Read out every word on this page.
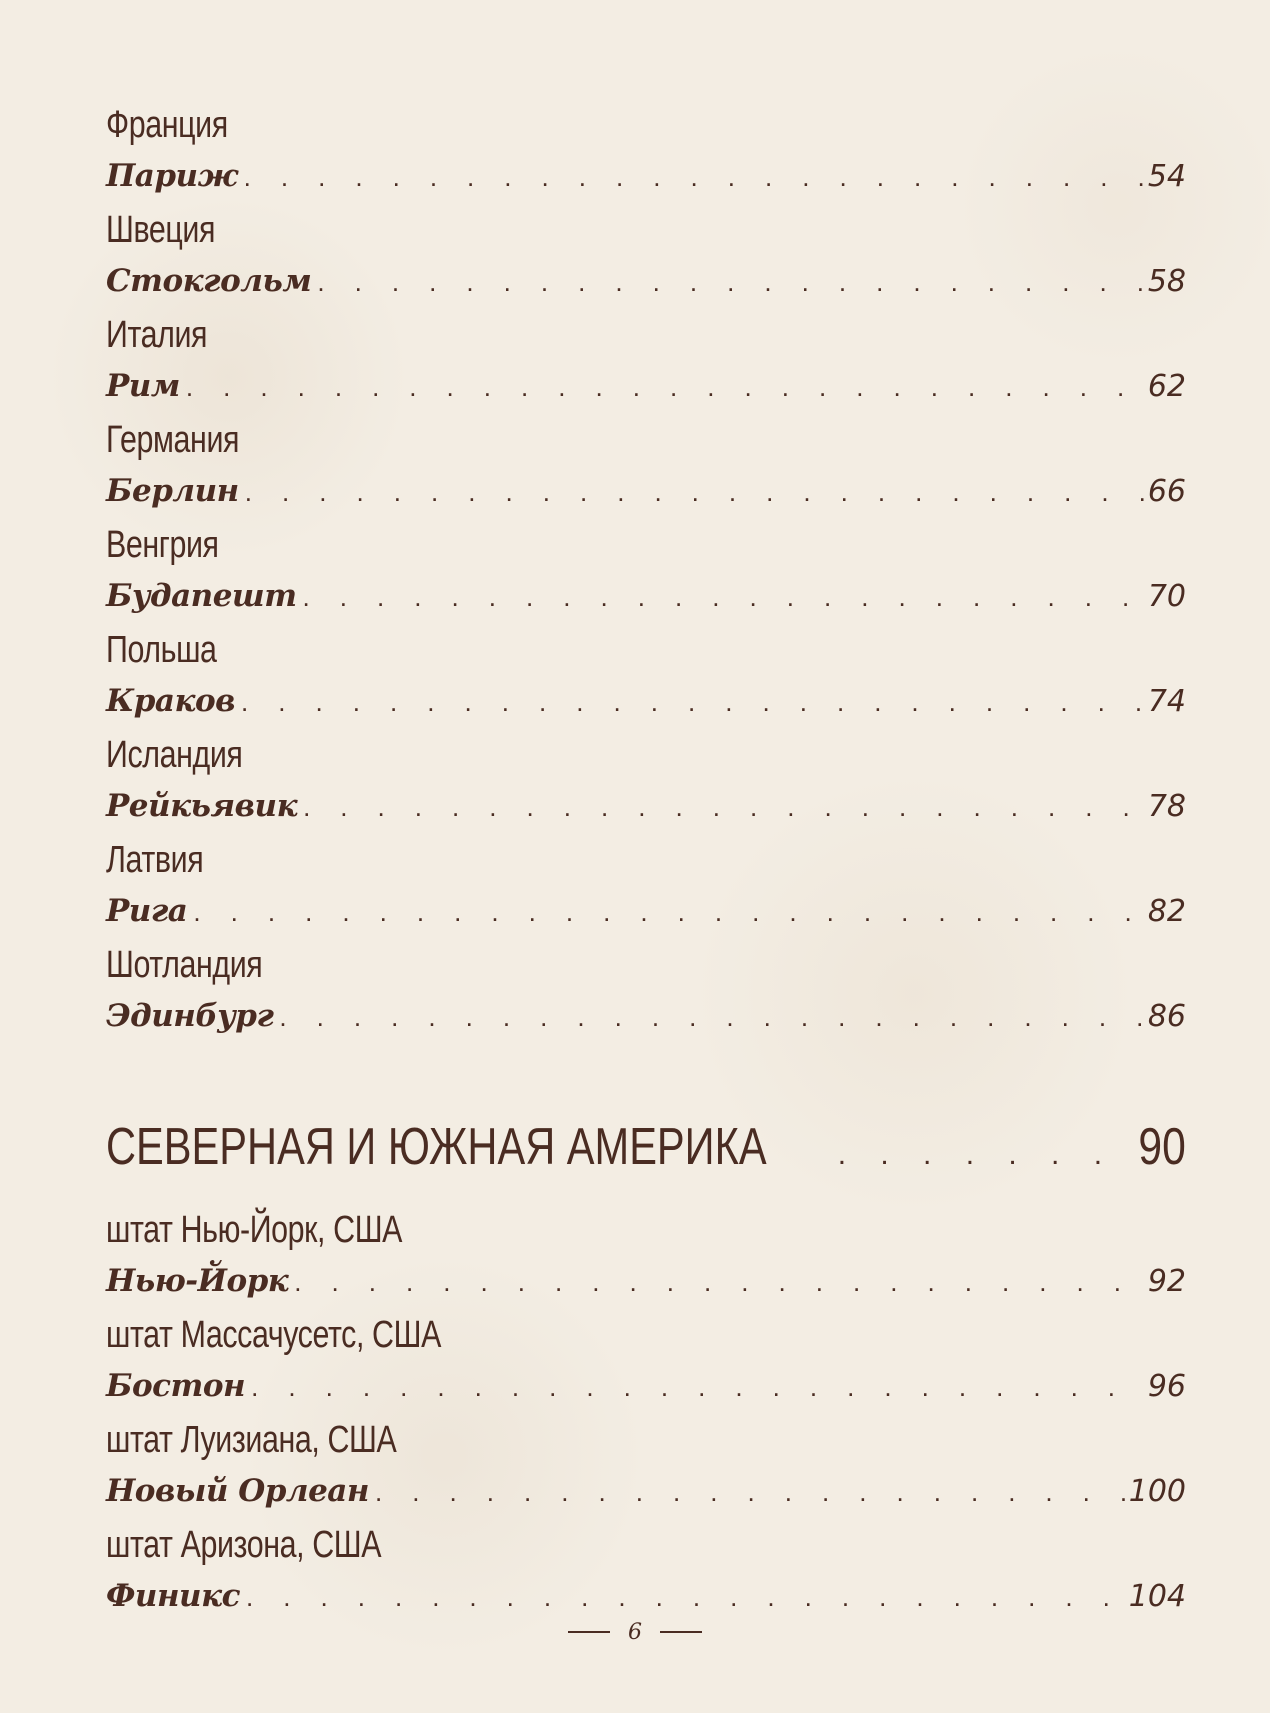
Франция
Париж . . .	54
Швеция
Стокгольм . . .	58
Италия
Рим . . .	62
Германия
Берлин . . .	66
Венгрия
Будапешт . . .	70
Польша
Краков . . .	74
Исландия
Рейкьявик . . .	78
Латвия
Рига . . .	82
Шотландия
Эдинбург . . .	86
СЕВЕРНАЯ И ЮЖНАЯ АМЕРИКА . . .	90
штат Нью-Йорк, США
Нью-Йорк . . .	92
штат Массачусетс, США
Бостон . . .	96
штат Луизиана, США
Новый Орлеан . . .	100
штат Аризона, США
Финикс . . .	104
6
